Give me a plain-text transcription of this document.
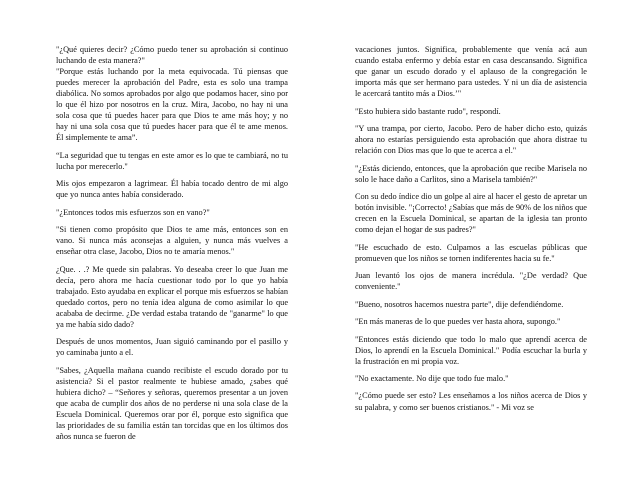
"¿Qué quieres decir? ¿Cómo puedo tener su aprobación si continuo luchando de esta manera?"

"Porque estás luchando por la meta equivocada. Tú piensas que puedes merecer la aprobación del Padre, esta es solo una trampa diabólica. No somos aprobados por algo que podamos hacer, sino por lo que él hizo por nosotros en la cruz. Mira, Jacobo, no hay ni una sola cosa que tú puedes hacer para que Dios te ame más hoy; y no hay ni una sola cosa que tú puedes hacer para que él te ame menos. Él simplemente te ama”.

“La seguridad que tu tengas en este amor es lo que te cambiará, no tu lucha por merecerlo."

Mis ojos empezaron a lagrimear. Él había tocado dentro de mi algo que yo nunca antes había considerado.

"¿Entonces todos mis esfuerzos son en vano?"

"Si tienen como propósito que Dios te ame más, entonces son en vano. Si nunca más aconsejas a alguien, y nunca más vuelves a enseñar otra clase, Jacobo, Dios no te amaría menos."

¿Que. . .? Me quede sin palabras. Yo deseaba creer lo que Juan me decía, pero ahora me hacía cuestionar todo por lo que yo había trabajado. Esto ayudaba en explicar el porque mis esfuerzos se habían quedado cortos, pero no tenía idea alguna de como asimilar lo que acababa de decirme. ¿De verdad estaba tratando de "ganarme" lo que ya me había sido dado?

Después de unos momentos, Juan siguió caminando por el pasillo y yo caminaba junto a el.

"Sabes, ¿Aquella mañana cuando recibiste el escudo dorado por tu asistencia? Si el pastor realmente te hubiese amado, ¿sabes qué hubiera dicho? – “Señores y señoras, queremos presentar a un joven que acaba de cumplir dos años de no perderse ni una sola clase de la Escuela Dominical. Queremos orar por él, porque esto significa que las prioridades de su familia están tan torcidas que en los últimos dos años nunca se fueron de

vacaciones juntos. Significa, probablemente que venía acá aun cuando estaba enfermo y debía estar en casa descansando. Significa que ganar un escudo dorado y el aplauso de la congregación le importa más que ser hermano para ustedes. Y ni un día de asistencia le acercará tantito más a Dios.’"

"Esto hubiera sido bastante rudo", respondí.

"Y una trampa, por cierto, Jacobo. Pero de haber dicho esto, quizás ahora no estarías persiguiendo esta aprobación que ahora distrae tu relación con Dios mas que lo que te acerca a el."

"¿Estás diciendo, entonces, que la aprobación que recibe Marisela no solo le hace daño a Carlitos, sino a Marisela también?"

Con su dedo índice dio un golpe al aire al hacer el gesto de apretar un botón invisible. "¡Correcto! ¿Sabías que más de 90% de los niños que crecen en la Escuela Dominical, se apartan de la iglesia tan pronto como dejan el hogar de sus padres?"

"He escuchado de esto. Culpamos a las escuelas públicas que promueven que los niños se tornen indiferentes hacia su fe."

Juan levantó los ojos de manera incrédula. "¿De verdad? Que conveniente."

"Bueno, nosotros hacemos nuestra parte", dije defendiéndome.

"En más maneras de lo que puedes ver hasta ahora, supongo."

"Entonces estás diciendo que todo lo malo que aprendí acerca de Dios, lo aprendí en la Escuela Dominical." Podía escuchar la burla y la frustración en mi propia voz.

"No exactamente. No dije que todo fue malo."

"¿Cómo puede ser esto? Les enseñamos a los niños acerca de Dios y su palabra, y como ser buenos cristianos." - Mi voz se
